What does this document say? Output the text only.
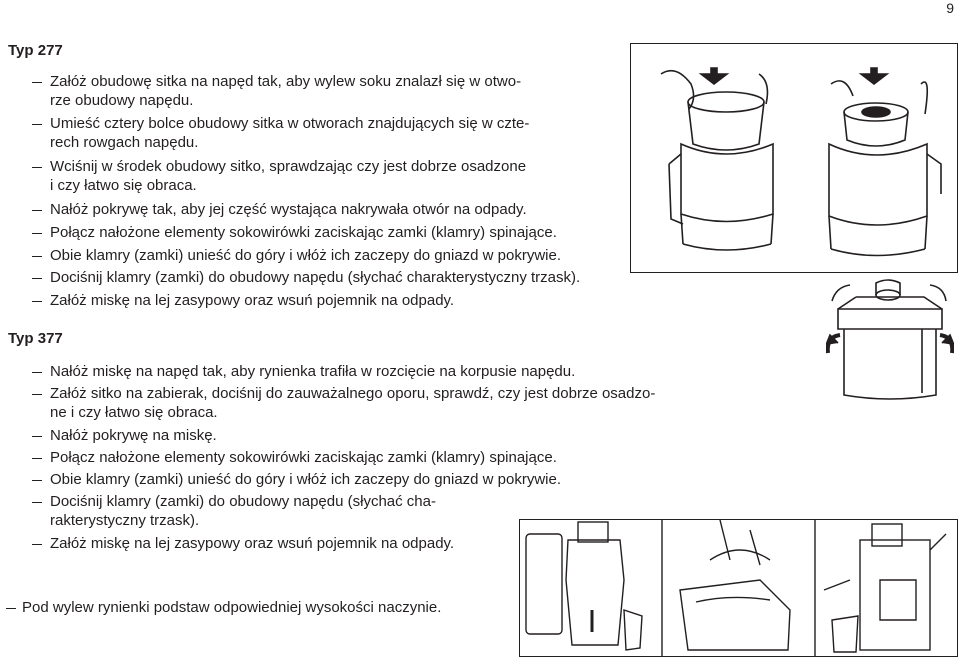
9
Typ 277
Załóż obudowę sitka na napęd tak, aby wylew soku znalazł się w otwo-
rze obudowy napędu.
Umieść cztery bolce obudowy sitka w otworach znajdujących się w czte-
rech rowgach napędu.
Wciśnij w środek obudowy sitko, sprawdzając czy jest dobrze osadzone
i czy łatwo się obraca.
Nałóż pokrywę tak, aby jej część wystająca nakrywała otwór na odpady.
Połącz nałożone elementy sokowirówki zaciskając zamki (klamry) spinające.
Obie klamry (zamki) unieść do góry i włóż ich zaczepy do gniazd w pokrywie.
Dociśnij klamry (zamki) do obudowy napędu (słychać charakterystyczny trzask).
Załóż miskę na lej zasypowy oraz wsuń pojemnik na odpady.
Typ 377
Nałóż miskę na napęd tak, aby rynienka trafiła w rozcięcie na korpusie napędu.
Załóż sitko na zabierak, dociśnij do zauważalnego oporu, sprawdź, czy jest dobrze osadzo-
ne i czy łatwo się obraca.
Nałóż pokrywę na miskę.
Połącz nałożone elementy sokowirówki zaciskając zamki (klamry) spinające.
Obie klamry (zamki) unieść do góry i włóż ich zaczepy do gniazd w pokrywie.
Dociśnij klamry (zamki) do obudowy napędu (słychać cha-
rakterystyczny trzask).
Załóż miskę na lej zasypowy oraz wsuń pojemnik na odpady.
Pod wylew rynienki podstaw odpowiedniej wysokości naczynie.
